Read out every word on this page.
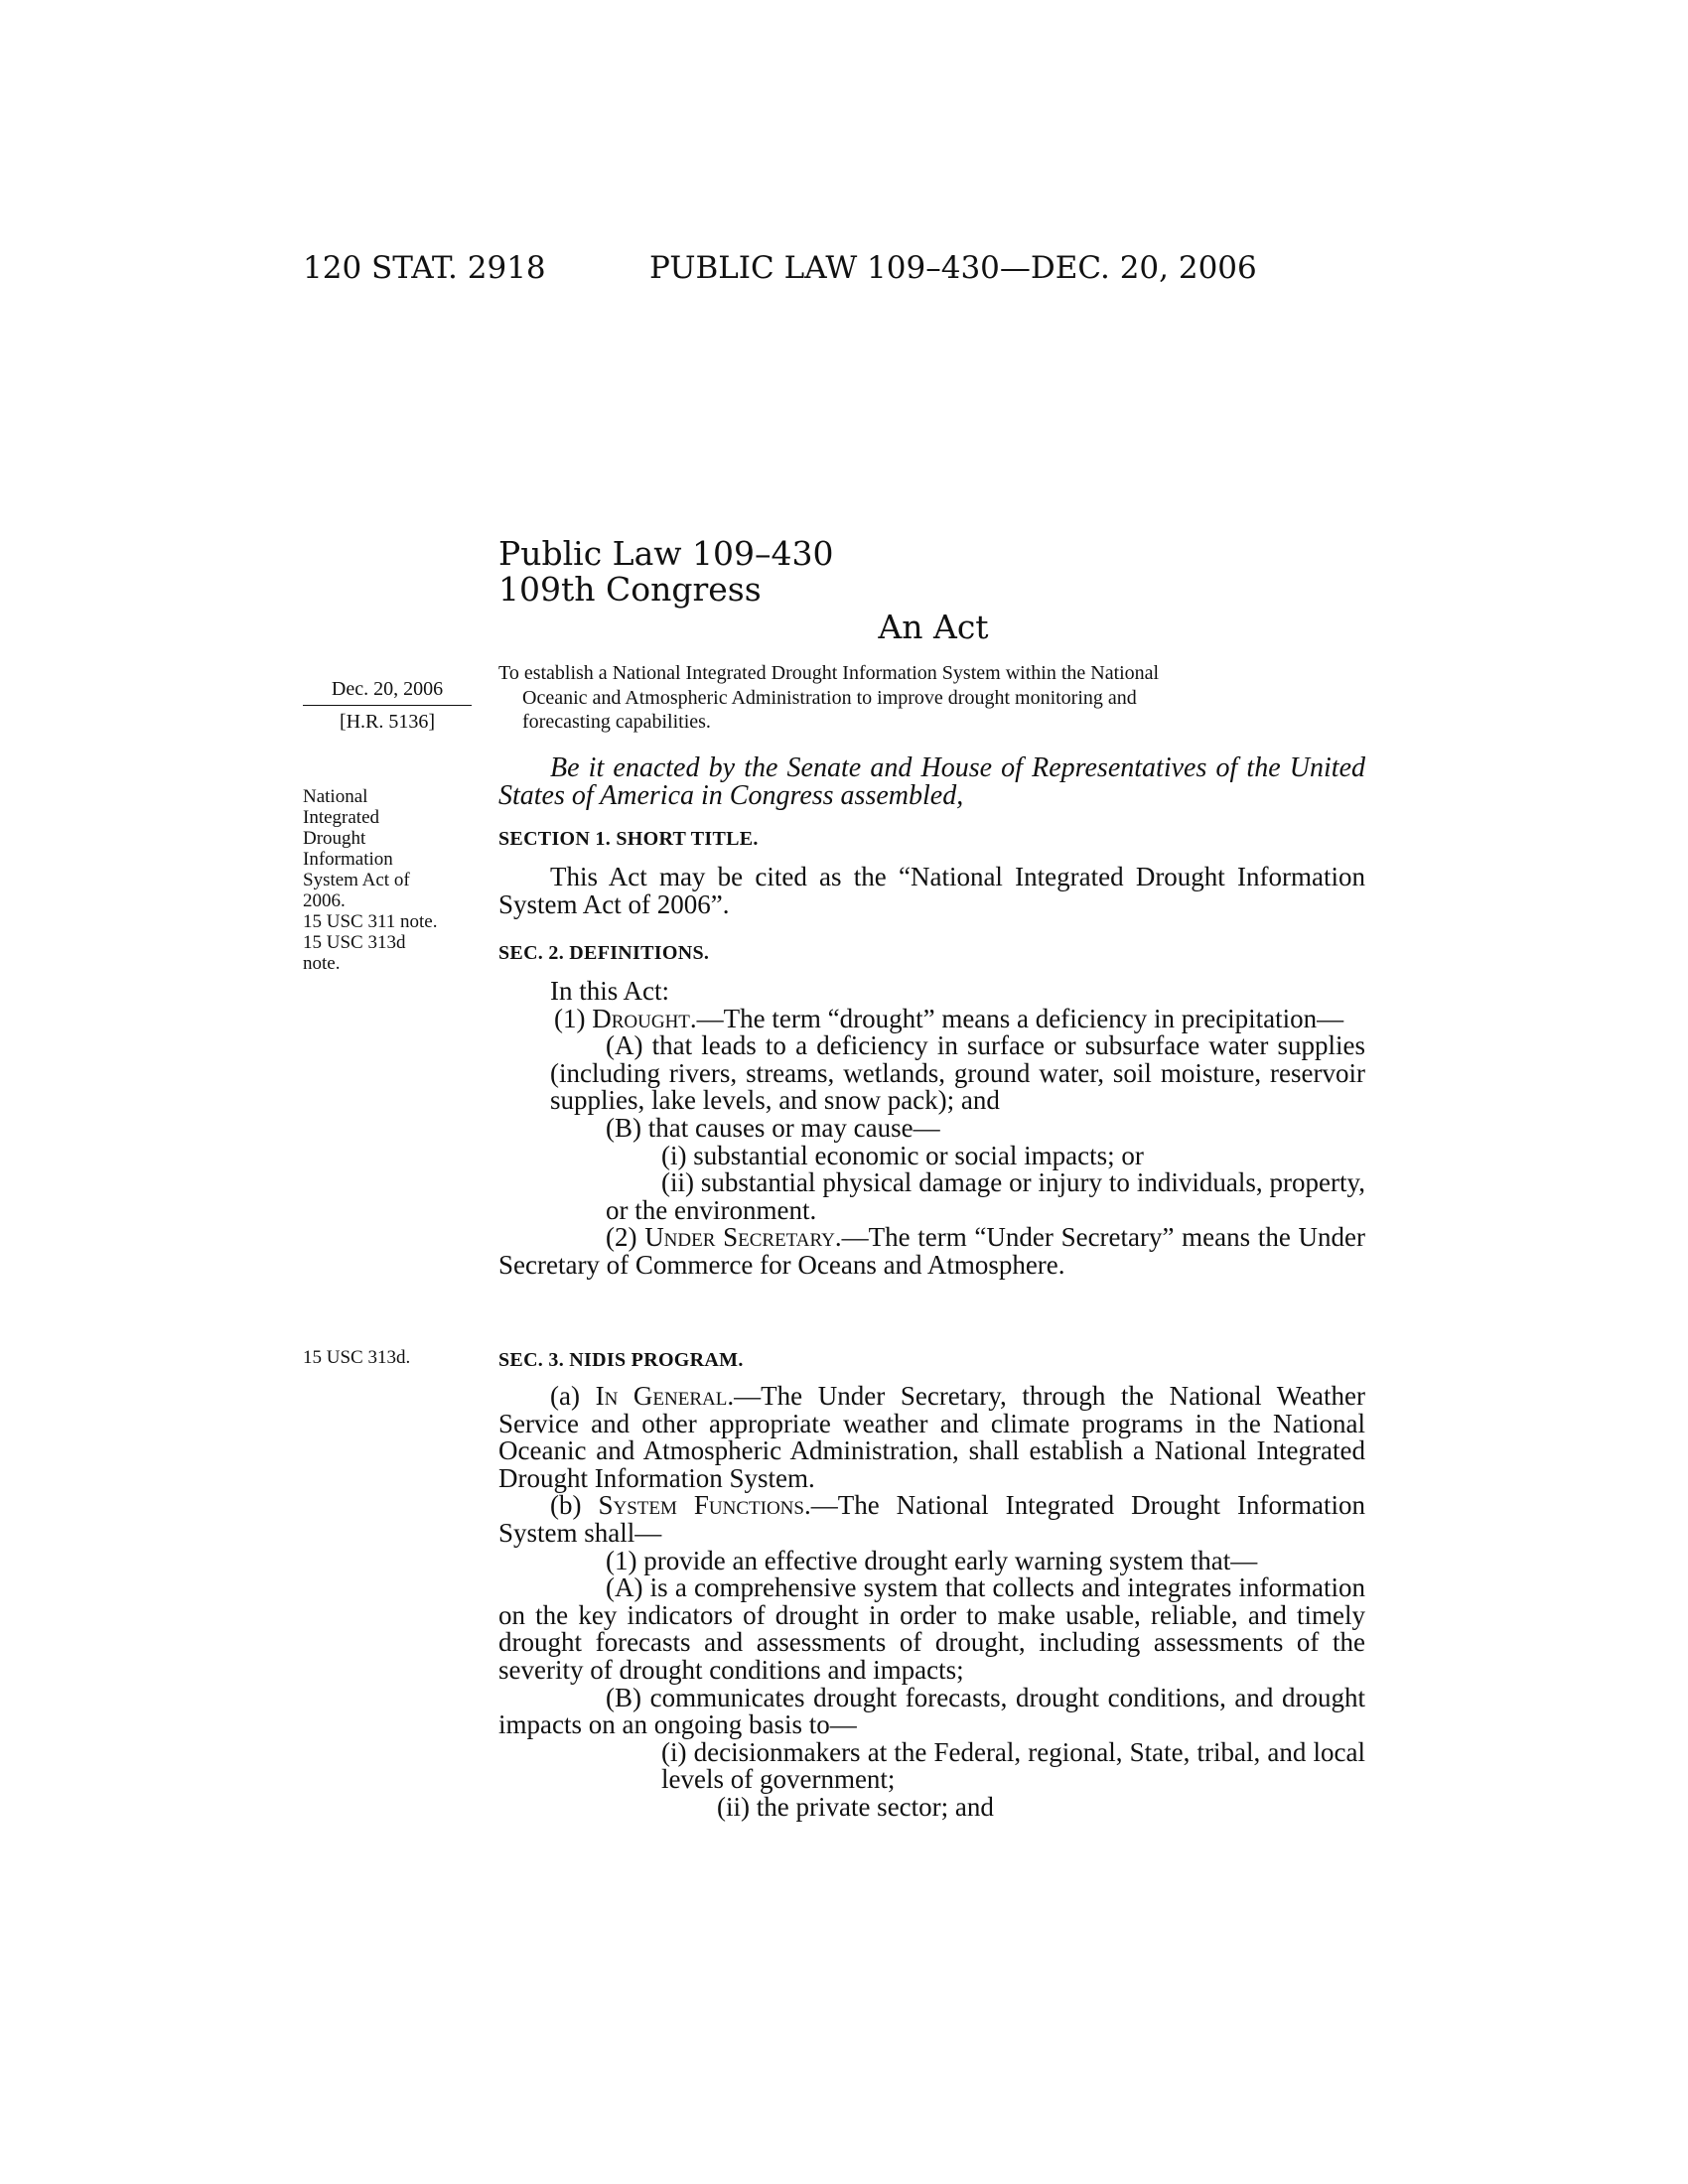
120 STAT. 2918	PUBLIC LAW 109–430—DEC. 20, 2006
Public Law 109–430
109th Congress
An Act
Dec. 20, 2006
[H.R. 5136]
To establish a National Integrated Drought Information System within the National
Oceanic and Atmospheric Administration to improve drought monitoring and
forecasting capabilities.
National
Integrated
Drought
Information
System Act of
2006.
15 USC 311 note.
15 USC 313d
note.
15 USC 313d.
Be it enacted by the Senate and House of Representatives of the United States of America in Congress assembled,

SECTION 1. SHORT TITLE.

This Act may be cited as the “National Integrated Drought Information System Act of 2006”.

SEC. 2. DEFINITIONS.

In this Act:

(1) Drought.—The term “drought” means a deficiency in precipitation—

(A) that leads to a deficiency in surface or subsurface water supplies (including rivers, streams, wetlands, ground water, soil moisture, reservoir supplies, lake levels, and snow pack); and

(B) that causes or may cause—

(i) substantial economic or social impacts; or

(ii) substantial physical damage or injury to individuals, property, or the environment.

(2) Under Secretary.—The term “Under Secretary” means the Under Secretary of Commerce for Oceans and Atmosphere.

SEC. 3. NIDIS PROGRAM.

(a) In General.—The Under Secretary, through the National Weather Service and other appropriate weather and climate programs in the National Oceanic and Atmospheric Administration, shall establish a National Integrated Drought Information System.

(b) System Functions.—The National Integrated Drought Information System shall—

(1) provide an effective drought early warning system that—

(A) is a comprehensive system that collects and integrates information on the key indicators of drought in order to make usable, reliable, and timely drought forecasts and assessments of drought, including assessments of the severity of drought conditions and impacts;

(B) communicates drought forecasts, drought conditions, and drought impacts on an ongoing basis to—

(i) decisionmakers at the Federal, regional, State, tribal, and local levels of government;

(ii) the private sector; and
